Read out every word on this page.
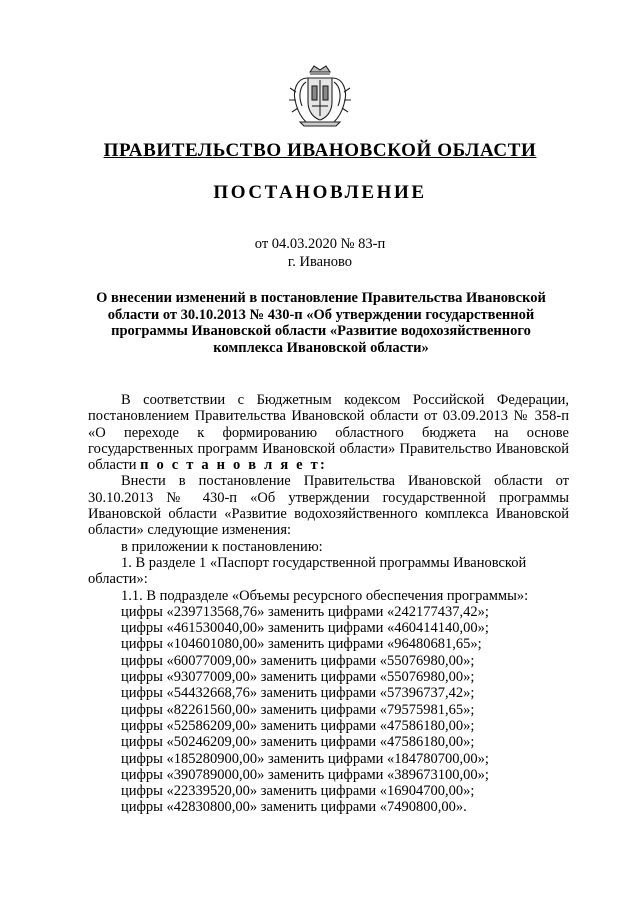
ПРАВИТЕЛЬСТВО ИВАНОВСКОЙ ОБЛАСТИ
ПОСТАНОВЛЕНИЕ
от 04.03.2020 № 83-п
г. Иваново
О внесении изменений в постановление Правительства Ивановской области от 30.10.2013 № 430-п «Об утверждении государственной программы Ивановской области «Развитие водохозяйственного комплекса Ивановской области»

В соответствии с Бюджетным кодексом Российской Федерации, постановлением Правительства Ивановской области от 03.09.2013 № 358-п «О переходе к формированию областного бюджета на основе государственных программ Ивановской области» Правительство Ивановской области п о с т а н о в л я е т:

Внести в постановление Правительства Ивановской области от 30.10.2013 № 430-п «Об утверждении государственной программы Ивановской области «Развитие водохозяйственного комплекса Ивановской области» следующие изменения:

в приложении к постановлению:

1. В разделе 1 «Паспорт государственной программы Ивановской области»:

1.1. В подразделе «Объемы ресурсного обеспечения программы»:

цифры «239713568,76» заменить цифрами «242177437,42»;

цифры «461530040,00» заменить цифрами «460414140,00»;

цифры «104601080,00» заменить цифрами «96480681,65»;

цифры «60077009,00» заменить цифрами «55076980,00»;

цифры «93077009,00» заменить цифрами «55076980,00»;

цифры «54432668,76» заменить цифрами «57396737,42»;

цифры «82261560,00» заменить цифрами «79575981,65»;

цифры «52586209,00» заменить цифрами «47586180,00»;

цифры «50246209,00» заменить цифрами «47586180,00»;

цифры «185280900,00» заменить цифрами «184780700,00»;

цифры «390789000,00» заменить цифрами «389673100,00»;

цифры «22339520,00» заменить цифрами «16904700,00»;

цифры «42830800,00» заменить цифрами «7490800,00».
